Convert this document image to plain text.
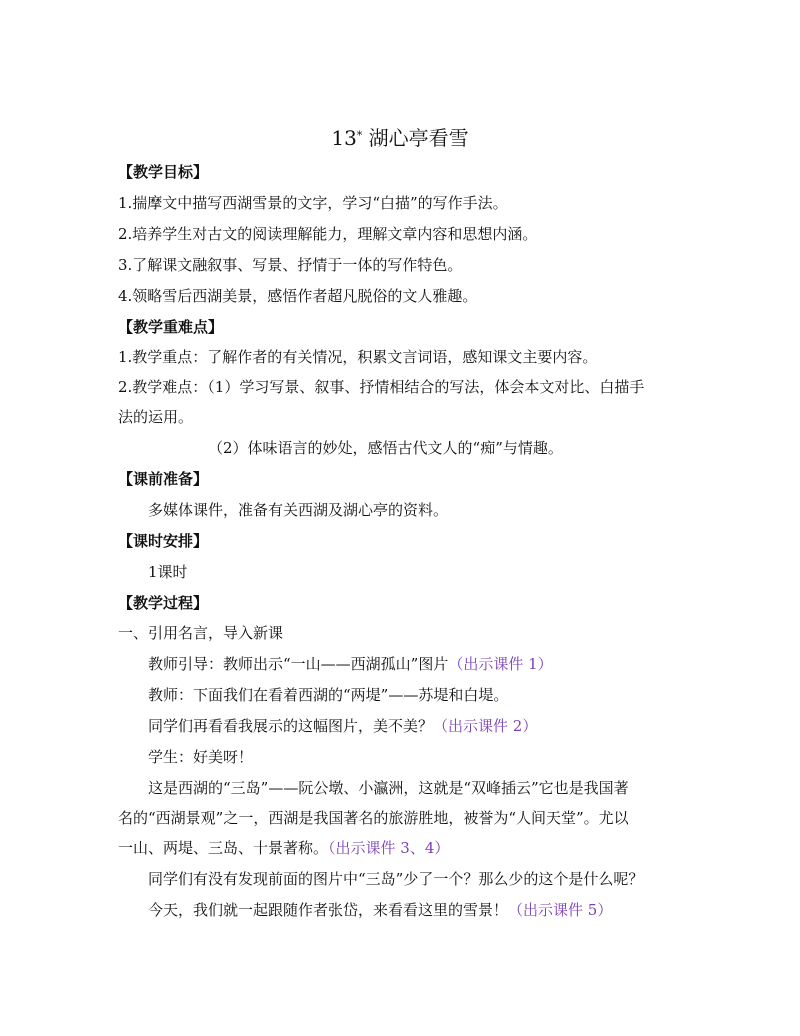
13* 湖心亭看雪
【教学目标】
1.揣摩文中描写西湖雪景的文字，学习“白描”的写作手法。
2.培养学生对古文的阅读理解能力，理解文章内容和思想内涵。
3.了解课文融叙事、写景、抒情于一体的写作特色。
4.领略雪后西湖美景，感悟作者超凡脱俗的文人雅趣。
【教学重难点】
1.教学重点：了解作者的有关情况，积累文言词语，感知课文主要内容。
2.教学难点：（1）学习写景、叙事、抒情相结合的写法，体会本文对比、白描手
法的运用。
（2）体味语言的妙处，感悟古代文人的“痴”与情趣。
【课前准备】
多媒体课件，准备有关西湖及湖心亭的资料。
【课时安排】
1课时
【教学过程】
一、引用名言，导入新课
教师引导：教师出示“一山——西湖孤山”图片（出示课件 1）
教师：下面我们在看着西湖的“两堤”——苏堤和白堤。
同学们再看看我展示的这幅图片，美不美？（出示课件 2）
学生：好美呀！
这是西湖的“三岛”——阮公墩、小瀛洲，这就是“双峰插云”它也是我国著
名的“西湖景观”之一，西湖是我国著名的旅游胜地，被誉为“人间天堂”。尤以
一山、两堤、三岛、十景著称。（出示课件 3、4）
同学们有没有发现前面的图片中“三岛”少了一个？那么少的这个是什么呢？
今天，我们就一起跟随作者张岱，来看看这里的雪景！（出示课件 5）
